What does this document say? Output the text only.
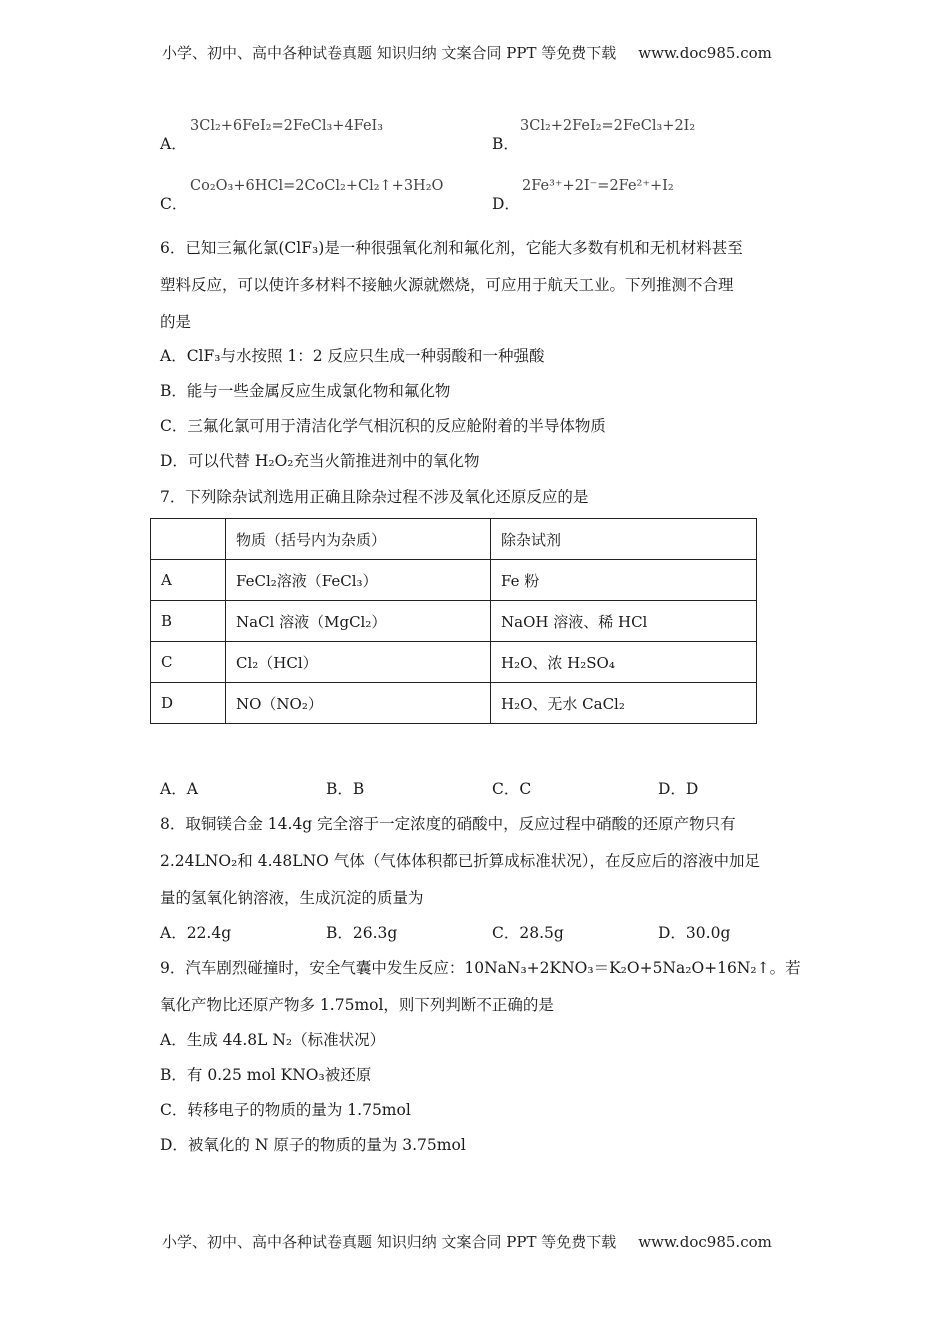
小学、初中、高中各种试卷真题 知识归纳 文案合同 PPT 等免费下载 www.doc985.com
3Cl₂+6FeI₂=2FeCl₃+4FeI₃
A．
3Cl₂+2FeI₂=2FeCl₃+2I₂
B．
Co₂O₃+6HCl=2CoCl₂+Cl₂↑+3H₂O
C．
2Fe³⁺+2I⁻=2Fe²⁺+I₂
D．
6．已知三氟化氯(ClF₃)是一种很强氧化剂和氟化剂，它能大多数有机和无机材料甚至
塑料反应，可以使许多材料不接触火源就燃烧，可应用于航天工业。下列推测不合理
的是
A．ClF₃与水按照 1：2 反应只生成一种弱酸和一种强酸
B．能与一些金属反应生成氯化物和氟化物
C．三氟化氯可用于清洁化学气相沉积的反应舱附着的半导体物质
D．可以代替 H₂O₂充当火箭推进剂中的氧化物
7．下列除杂试剂选用正确且除杂过程不涉及氧化还原反应的是
	物质（括号内为杂质）	除杂试剂
A	FeCl₂溶液（FeCl₃）	Fe 粉
B	NaCl 溶液（MgCl₂）	NaOH 溶液、稀 HCl
C	Cl₂（HCl）	H₂O、浓 H₂SO₄
D	NO（NO₂）	H₂O、无水 CaCl₂
A．A	B．B	C．C	D．D
8．取铜镁合金 14.4g 完全溶于一定浓度的硝酸中，反应过程中硝酸的还原产物只有
2.24LNO₂和 4.48LNO 气体（气体体积都已折算成标准状况），在反应后的溶液中加足
量的氢氧化钠溶液，生成沉淀的质量为
A．22.4g	B．26.3g	C．28.5g	D．30.0g
9．汽车剧烈碰撞时，安全气囊中发生反应：10NaN₃+2KNO₃＝K₂O+5Na₂O+16N₂↑。若
氧化产物比还原产物多 1.75mol，则下列判断不正确的是
A．生成 44.8L N₂（标准状况）
B．有 0.25 mol KNO₃被还原
C．转移电子的物质的量为 1.75mol
D．被氧化的 N 原子的物质的量为 3.75mol
小学、初中、高中各种试卷真题 知识归纳 文案合同 PPT 等免费下载 www.doc985.com
